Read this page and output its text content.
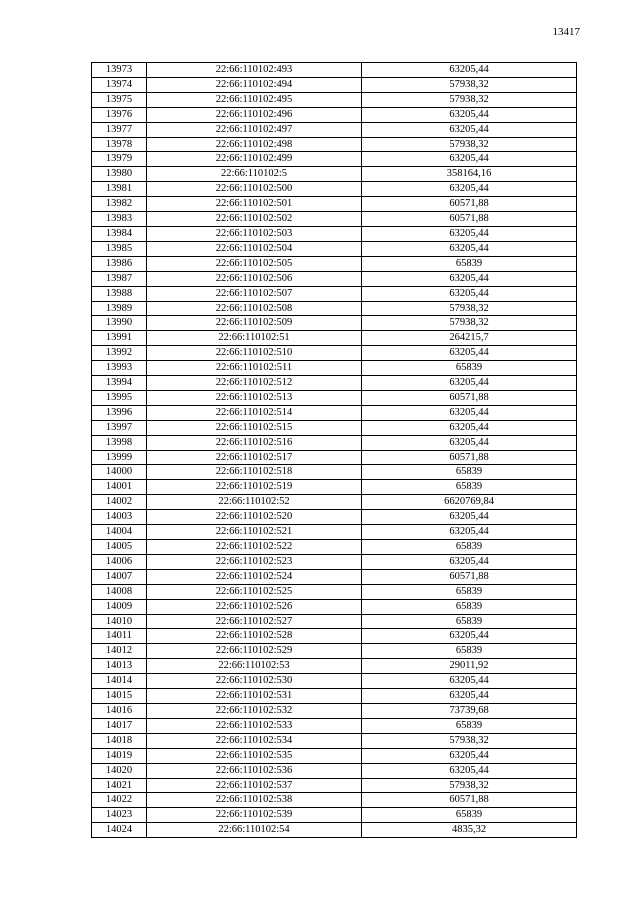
13417
13973	22:66:110102:493	63205,44
13974	22:66:110102:494	57938,32
13975	22:66:110102:495	57938,32
13976	22:66:110102:496	63205,44
13977	22:66:110102:497	63205,44
13978	22:66:110102:498	57938,32
13979	22:66:110102:499	63205,44
13980	22:66:110102:5	358164,16
13981	22:66:110102:500	63205,44
13982	22:66:110102:501	60571,88
13983	22:66:110102:502	60571,88
13984	22:66:110102:503	63205,44
13985	22:66:110102:504	63205,44
13986	22:66:110102:505	65839
13987	22:66:110102:506	63205,44
13988	22:66:110102:507	63205,44
13989	22:66:110102:508	57938,32
13990	22:66:110102:509	57938,32
13991	22:66:110102:51	264215,7
13992	22:66:110102:510	63205,44
13993	22:66:110102:511	65839
13994	22:66:110102:512	63205,44
13995	22:66:110102:513	60571,88
13996	22:66:110102:514	63205,44
13997	22:66:110102:515	63205,44
13998	22:66:110102:516	63205,44
13999	22:66:110102:517	60571,88
14000	22:66:110102:518	65839
14001	22:66:110102:519	65839
14002	22:66:110102:52	6620769,84
14003	22:66:110102:520	63205,44
14004	22:66:110102:521	63205,44
14005	22:66:110102:522	65839
14006	22:66:110102:523	63205,44
14007	22:66:110102:524	60571,88
14008	22:66:110102:525	65839
14009	22:66:110102:526	65839
14010	22:66:110102:527	65839
14011	22:66:110102:528	63205,44
14012	22:66:110102:529	65839
14013	22:66:110102:53	29011,92
14014	22:66:110102:530	63205,44
14015	22:66:110102:531	63205,44
14016	22:66:110102:532	73739,68
14017	22:66:110102:533	65839
14018	22:66:110102:534	57938,32
14019	22:66:110102:535	63205,44
14020	22:66:110102:536	63205,44
14021	22:66:110102:537	57938,32
14022	22:66:110102:538	60571,88
14023	22:66:110102:539	65839
14024	22:66:110102:54	4835,32
